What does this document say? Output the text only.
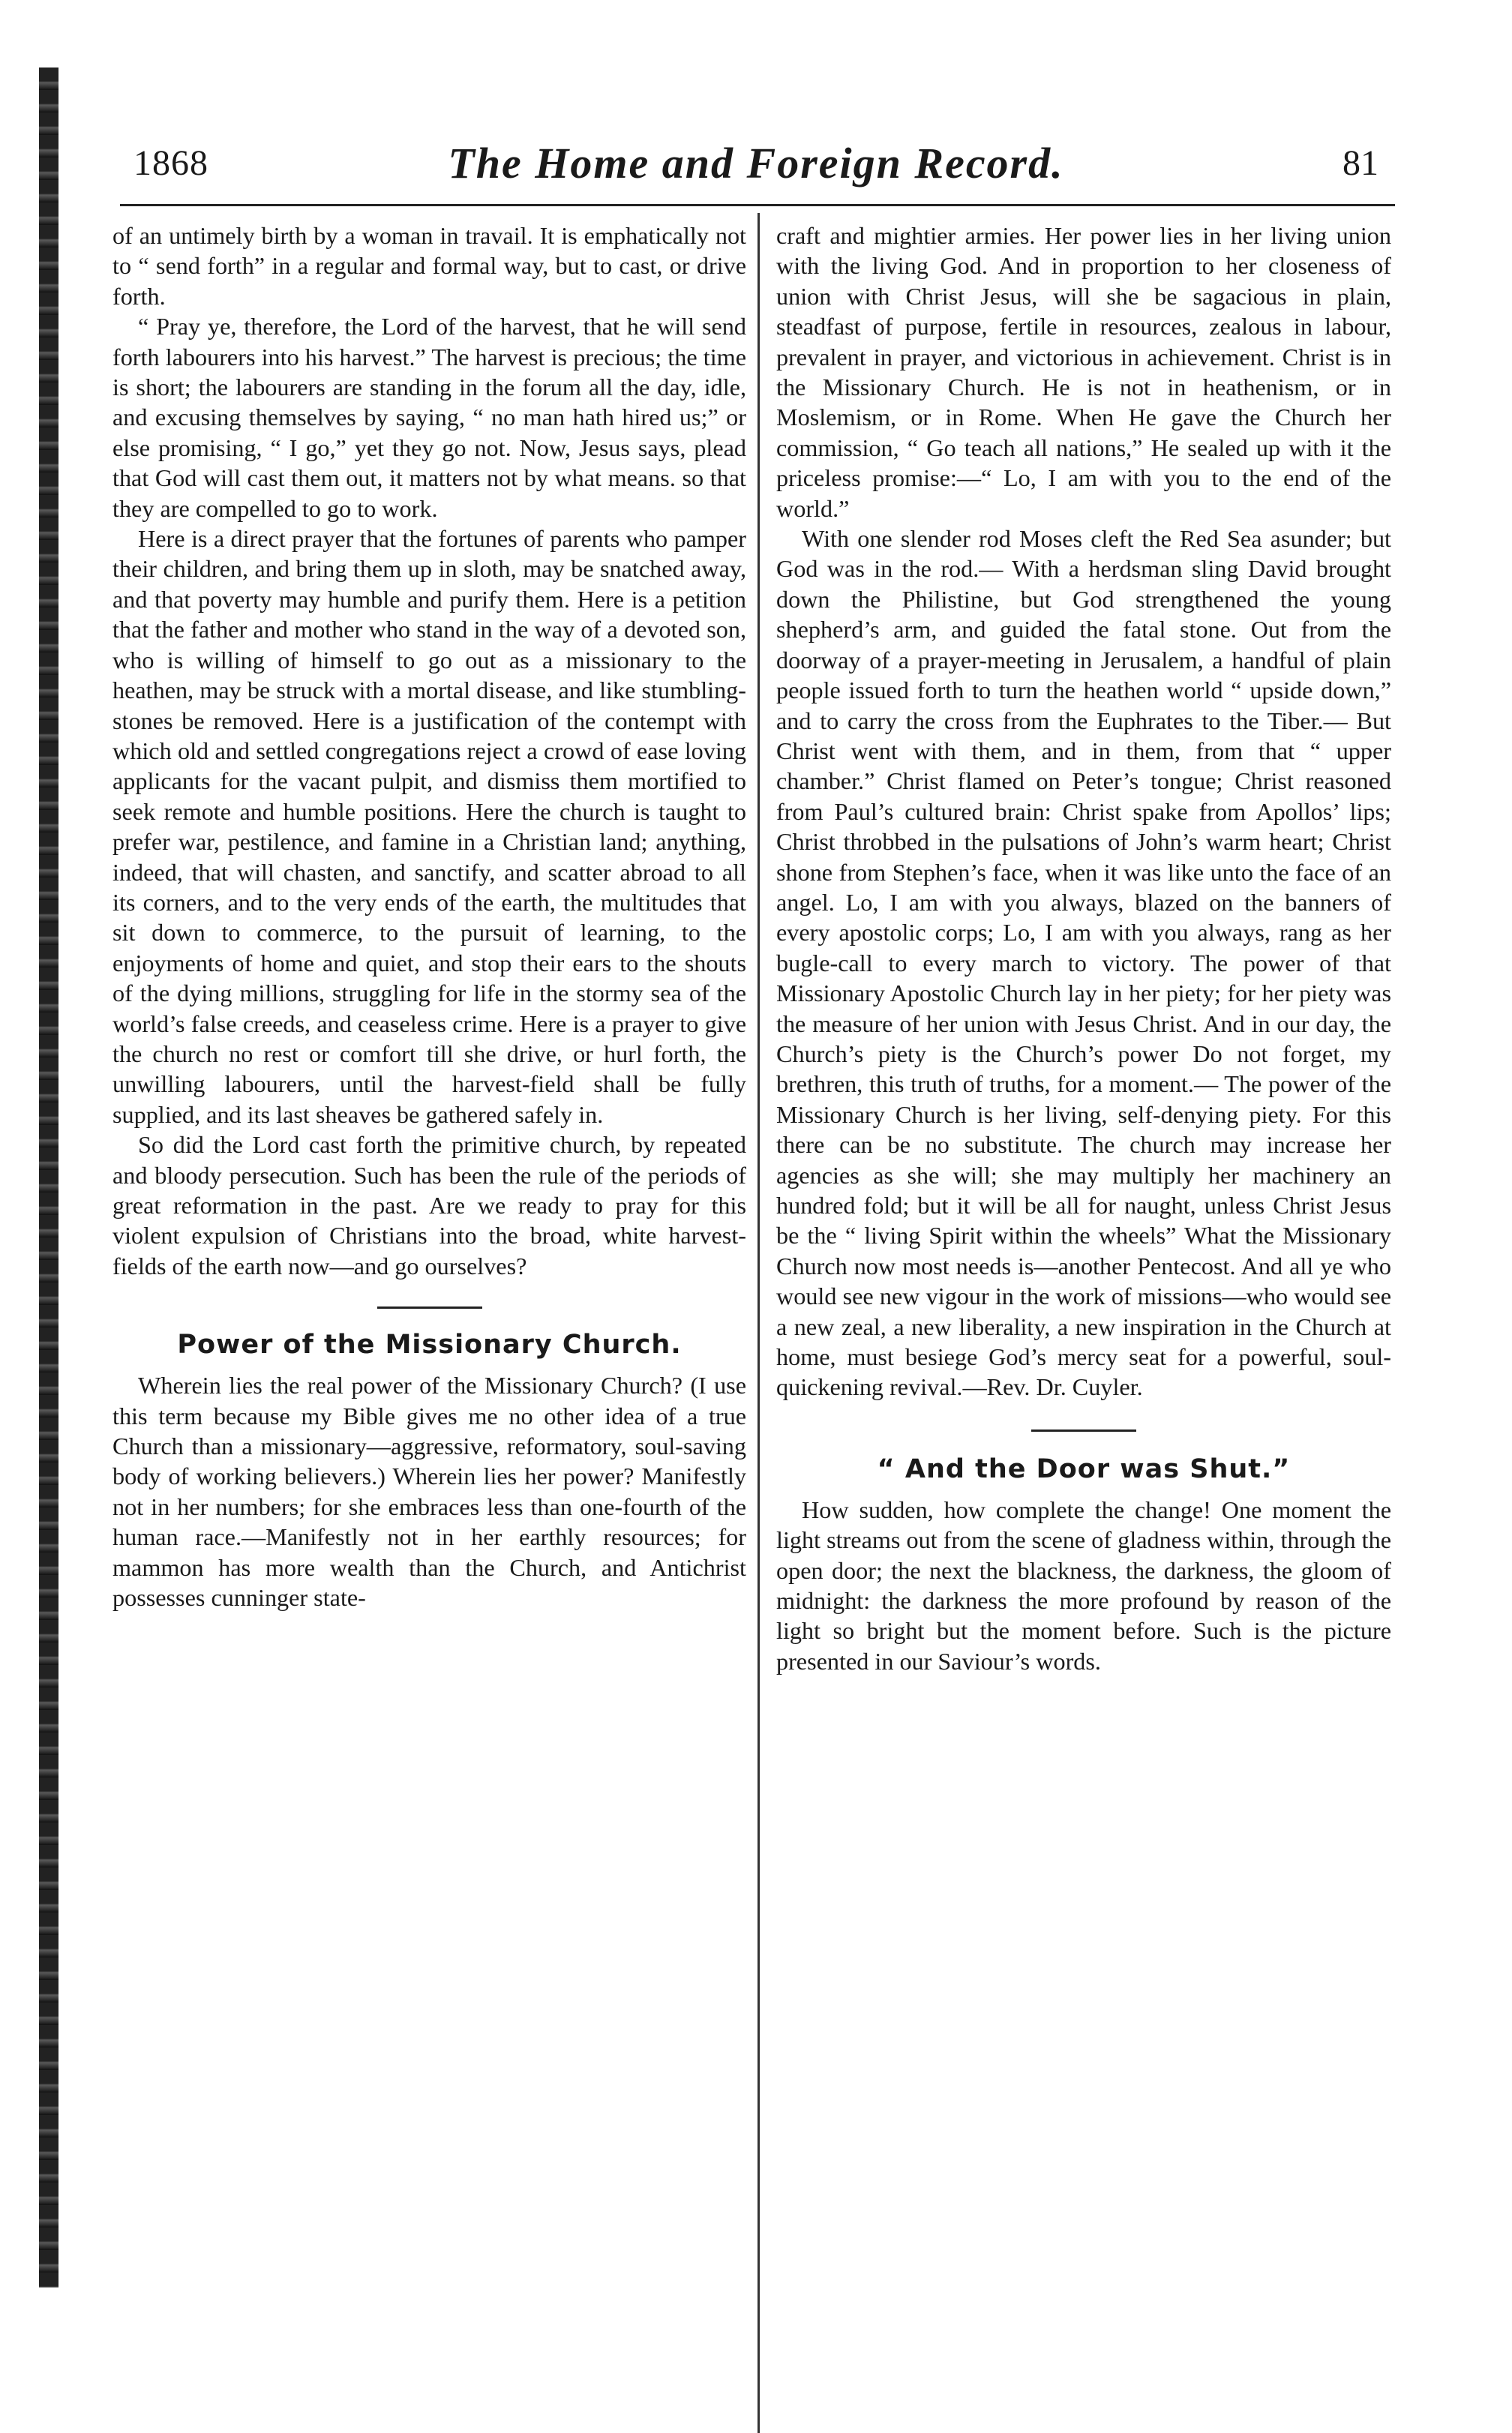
1868	The Home and Foreign Record.	81

of an untimely birth by a woman in travail. It is emphatically not to “ send forth” in a regular and formal way, but to cast, or drive forth.

“ Pray ye, therefore, the Lord of the harvest, that he will send forth labourers into his harvest.” The harvest is precious; the time is short; the labourers are standing in the forum all the day, idle, and excusing themselves by saying, “ no man hath hired us;” or else promising, “ I go,” yet they go not. Now, Jesus says, plead that God will cast them out, it matters not by what means. so that they are compelled to go to work.

Here is a direct prayer that the fortunes of parents who pamper their children, and bring them up in sloth, may be snatched away, and that poverty may humble and purify them. Here is a petition that the father and mother who stand in the way of a devoted son, who is willing of himself to go out as a missionary to the heathen, may be struck with a mortal disease, and like stumbling-stones be removed. Here is a justification of the contempt with which old and settled congregations reject a crowd of ease loving applicants for the vacant pulpit, and dismiss them mortified to seek remote and humble positions. Here the church is taught to prefer war, pestilence, and famine in a Christian land; anything, indeed, that will chasten, and sanctify, and scatter abroad to all its corners, and to the very ends of the earth, the multitudes that sit down to commerce, to the pursuit of learning, to the enjoyments of home and quiet, and stop their ears to the shouts of the dying millions, struggling for life in the stormy sea of the world’s false creeds, and ceaseless crime. Here is a prayer to give the church no rest or comfort till she drive, or hurl forth, the unwilling labourers, until the harvest-field shall be fully supplied, and its last sheaves be gathered safely in.

So did the Lord cast forth the primitive church, by repeated and bloody persecution. Such has been the rule of the periods of great reformation in the past. Are we ready to pray for this violent expulsion of Christians into the broad, white harvest-fields of the earth now—and go ourselves?

Power of the Missionary Church.

Wherein lies the real power of the Missionary Church? (I use this term because my Bible gives me no other idea of a true Church than a missionary—aggressive, reformatory, soul-saving body of working believers.) Wherein lies her power? Manifestly not in her numbers; for she embraces less than one-fourth of the human race.—Manifestly not in her earthly resources; for mammon has more wealth than the Church, and Antichrist possesses cunninger state-

craft and mightier armies. Her power lies in her living union with the living God. And in proportion to her closeness of union with Christ Jesus, will she be sagacious in plain, steadfast of purpose, fertile in resources, zealous in labour, prevalent in prayer, and victorious in achievement. Christ is in the Missionary Church. He is not in heathenism, or in Moslemism, or in Rome. When He gave the Church her commission, “ Go teach all nations,” He sealed up with it the priceless promise:—“ Lo, I am with you to the end of the world.”

With one slender rod Moses cleft the Red Sea asunder; but God was in the rod.— With a herdsman sling David brought down the Philistine, but God strengthened the young shepherd’s arm, and guided the fatal stone. Out from the doorway of a prayer-meeting in Jerusalem, a handful of plain people issued forth to turn the heathen world “ upside down,” and to carry the cross from the Euphrates to the Tiber.— But Christ went with them, and in them, from that “ upper chamber.” Christ flamed on Peter’s tongue; Christ reasoned from Paul’s cultured brain: Christ spake from Apollos’ lips; Christ throbbed in the pulsations of John’s warm heart; Christ shone from Stephen’s face, when it was like unto the face of an angel. Lo, I am with you always, blazed on the banners of every apostolic corps; Lo, I am with you always, rang as her bugle-call to every march to victory. The power of that Missionary Apostolic Church lay in her piety; for her piety was the measure of her union with Jesus Christ. And in our day, the Church’s piety is the Church’s power Do not forget, my brethren, this truth of truths, for a moment.— The power of the Missionary Church is her living, self-denying piety. For this there can be no substitute. The church may increase her agencies as she will; she may multiply her machinery an hundred fold; but it will be all for naught, unless Christ Jesus be the “ living Spirit within the wheels” What the Missionary Church now most needs is—another Pentecost. And all ye who would see new vigour in the work of missions—who would see a new zeal, a new liberality, a new inspiration in the Church at home, must besiege God’s mercy seat for a powerful, soul-quickening revival.—Rev. Dr. Cuyler.

“ And the Door was Shut.”

How sudden, how complete the change! One moment the light streams out from the scene of gladness within, through the open door; the next the blackness, the darkness, the gloom of midnight: the darkness the more profound by reason of the light so bright but the moment before. Such is the picture presented in our Saviour’s words.
